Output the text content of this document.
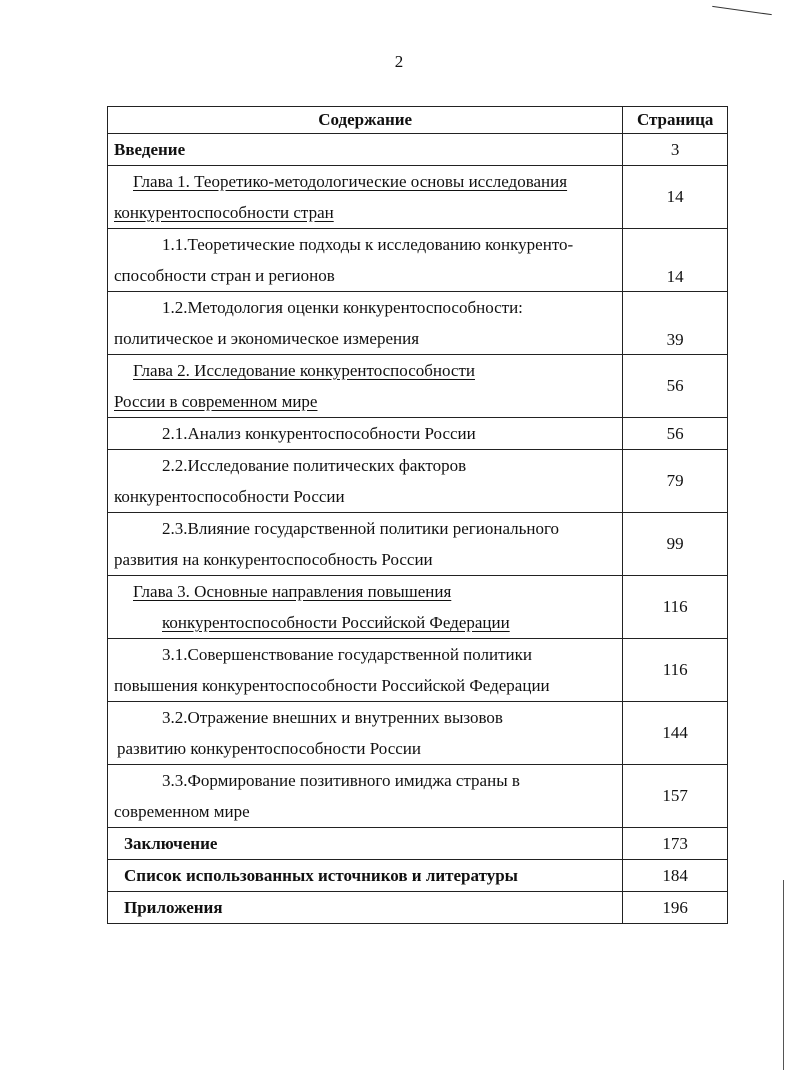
2
Содержание	Страница

Введение	3

Глава 1. Теоретико-методологические основы исследования
конкурентоспособности стран	14

1.1.Теоретические подходы к исследованию конкуренто-
способности стран и регионов	14

1.2.Методология оценки конкурентоспособности:
политическое и экономическое измерения	39

Глава 2. Исследование конкурентоспособности
России в современном мире	56

2.1.Анализ конкурентоспособности России	56

2.2.Исследование политических факторов
конкурентоспособности России	79

2.3.Влияние государственной политики регионального
развития на конкурентоспособность России	99

Глава 3. Основные направления повышения
конкурентоспособности Российской Федерации	116

3.1.Совершенствование государственной политики
повышения конкурентоспособности Российской Федерации	116

3.2.Отражение внешних и внутренних вызовов
развитию конкурентоспособности России	144

3.3.Формирование позитивного имиджа страны в
современном мире	157

Заключение	173

Список использованных источников и литературы	184

Приложения	196
